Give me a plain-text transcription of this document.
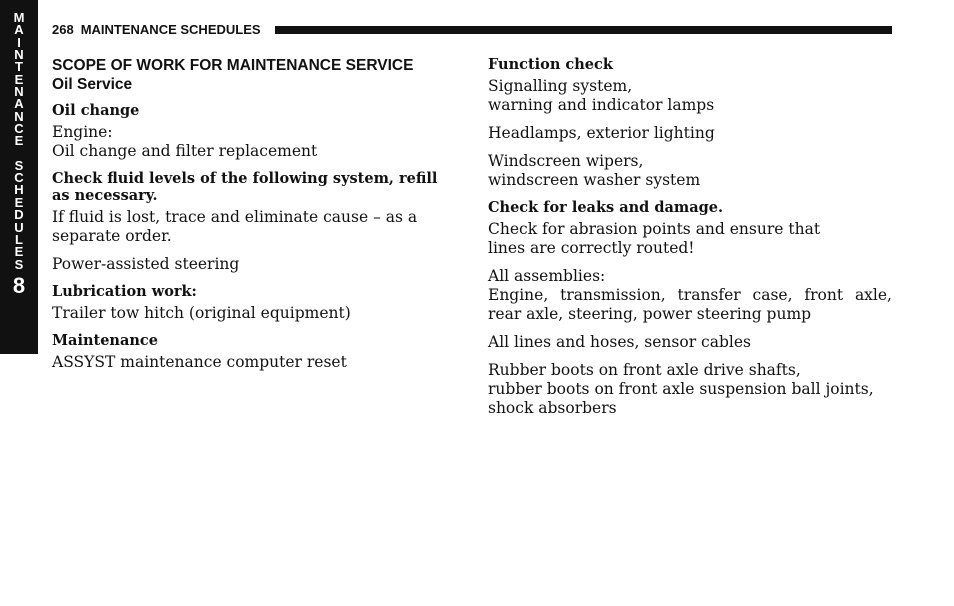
M
A
I
N
T
E
N
A
N
C
E
S
C
H
E
D
U
L
E
S
8
268 MAINTENANCE SCHEDULES
SCOPE OF WORK FOR MAINTENANCE SERVICE
Oil Service
Oil change

Engine:
Oil change and filter replacement

Check fluid levels of the following system, refill as necessary.

If fluid is lost, trace and eliminate cause – as a separate order.

Power-assisted steering

Lubrication work:

Trailer tow hitch (original equipment)

Maintenance

ASSYST maintenance computer reset

Function check

Signalling system,
warning and indicator lamps

Headlamps, exterior lighting

Windscreen wipers,
windscreen washer system

Check for leaks and damage.

Check for abrasion points and ensure that
lines are correctly routed!

All assemblies:
Engine, transmission, transfer case, front axle, rear axle, steering, power steering pump

All lines and hoses, sensor cables

Rubber boots on front axle drive shafts,
rubber boots on front axle suspension ball joints, shock absorbers
